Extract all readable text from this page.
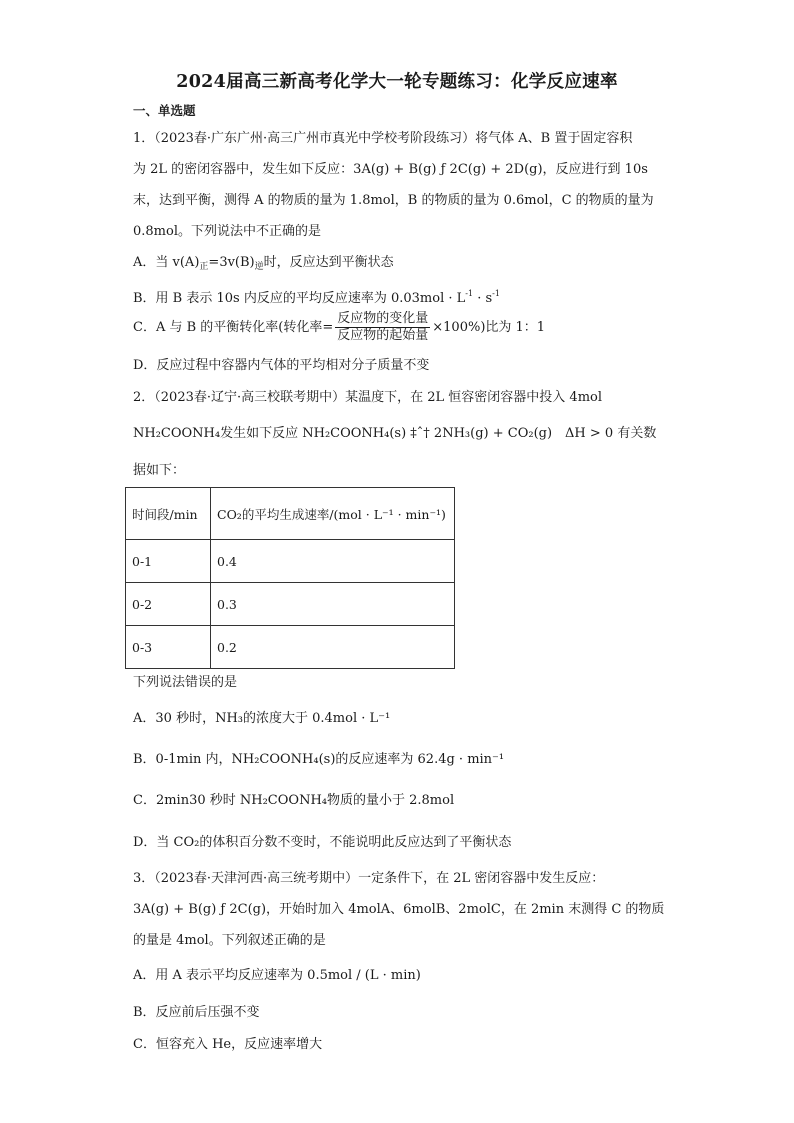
2024届高三新高考化学大一轮专题练习：化学反应速率
一、单选题
1．（2023春·广东广州·高三广州市真光中学校考阶段练习）将气体 A、B 置于固定容积
为 2L 的密闭容器中，发生如下反应：3A(g) + B(g) ƒ 2C(g) + 2D(g)，反应进行到 10s
末，达到平衡，测得 A 的物质的量为 1.8mol，B 的物质的量为 0.6mol，C 的物质的量为
0.8mol。下列说法中不正确的是
A．当 $v(A)_正=3v(B)_逆$时，反应达到平衡状态
B．用 B 表示 10s 内反应的平均反应速率为 $0.03mol \cdot L^{-1} \cdot s^{-1}$
C．A 与 B 的平衡转化率(转化率= $\frac{\text{反应物的变化量}}{\text{反应物的起始量}} \times 100\%$)比为 1：1
D．反应过程中容器内气体的平均相对分子质量不变
2．（2023春·辽宁·高三校联考期中）某温度下，在 2L 恒容密闭容器中投入 4mol
NH₂COONH₄发生如下反应 NH₂COONH₄(s) ‡ˆ† 2NH₃(g) + CO₂(g)　ΔH > 0 有关数
据如下：
时间段/min	CO₂的平均生成速率/(mol · L⁻¹ · min⁻¹)
0-1	0.4
0-2	0.3
0-3	0.2
下列说法错误的是
A．30 秒时，NH₃的浓度大于 0.4mol · L⁻¹
B．0-1min 内，NH₂COONH₄(s)的反应速率为 62.4g · min⁻¹
C．2min30 秒时 NH₂COONH₄物质的量小于 2.8mol
D．当 CO₂的体积百分数不变时，不能说明此反应达到了平衡状态
3．（2023春·天津河西·高三统考期中）一定条件下，在 2L 密闭容器中发生反应：
3A(g) + B(g) ƒ 2C(g)，开始时加入 4molA、6molB、2molC，在 2min 末测得 C 的物质
的量是 4mol。下列叙述正确的是
A．用 A 表示平均反应速率为 0.5mol / (L · min)
B．反应前后压强不变
C．恒容充入 He，反应速率增大
